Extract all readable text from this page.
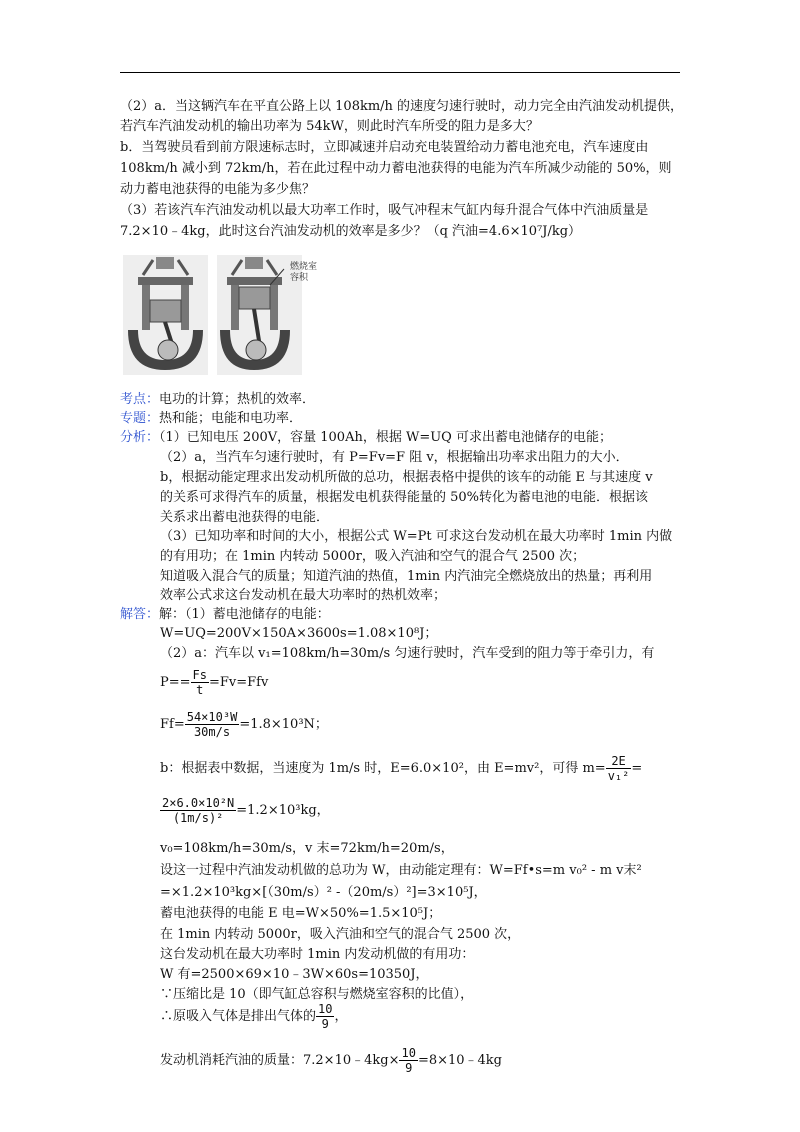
（2）a．当这辆汽车在平直公路上以 108km/h 的速度匀速行驶时，动力完全由汽油发动机提供，
若汽车汽油发动机的输出功率为 54kW，则此时汽车所受的阻力是多大？
b．当驾驶员看到前方限速标志时，立即减速并启动充电装置给动力蓄电池充电，汽车速度由
108km/h 减小到 72km/h，若在此过程中动力蓄电池获得的电能为汽车所减少动能的 50%，则
动力蓄电池获得的电能为多少焦？
（3）若该汽车汽油发动机以最大功率工作时，吸气冲程末气缸内每升混合气体中汽油质量是
7.2×10﹣4kg，此时这台汽油发动机的效率是多少？（q 汽油=4.6×10⁷J/kg）
燃烧室容积
考点：电功的计算；热机的效率．
专题：热和能；电能和电功率．
分析：（1）已知电压 200V，容量 100Ah，根据 W=UQ 可求出蓄电池储存的电能；
（2）a，当汽车匀速行驶时，有 P=Fv=F 阻 v，根据输出功率求出阻力的大小．
b，根据动能定理求出发动机所做的总功，根据表格中提供的该车的动能 E 与其速度 v
的关系可求得汽车的质量，根据发电机获得能量的 50%转化为蓄电池的电能．根据该
关系求出蓄电池获得的电能．
（3）已知功率和时间的大小，根据公式 W=Pt 可求这台发动机在最大功率时 1min 内做
的有用功；在 1min 内转动 5000r，吸入汽油和空气的混合气 2500 次；
知道吸入混合气的质量；知道汽油的热值，1min 内汽油完全燃烧放出的热量；再利用
效率公式求这台发动机在最大功率时的热机效率；
解答：解：（1）蓄电池储存的电能：
W=UQ=200V×150A×3600s=1.08×10⁸J；
（2）a：汽车以 v₁=108km/h=30m/s 匀速行驶时，汽车受到的阻力等于牵引力，有
$P== \frac{Fs}{t} =Fv=Ffv$
$Ff= \frac{\text{54×10³W}}{30m/s} =1.8\times 10^3N$；
b：根据表中数据，当速度为 1m/s 时，E=6.0×10²，由 E=mv²，可得 $m= \frac{2E}{\text{v₁²}}$ =
$\frac{\text{2×6.0×10²N}}{\text{(1m/s)²}} =1.2\times 10^3kg$，
v₀=108km/h=30m/s，v 末=72km/h=20m/s，
设这一过程中汽油发动机做的总功为 W，由动能定理有：W=Ff•s=m v₀² - m v末²
=×1.2×10³kg×[（30m/s）² -（20m/s）²]=3×10⁵J，
蓄电池获得的电能 E 电=W×50%=1.5×10⁵J；
在 1min 内转动 5000r，吸入汽油和空气的混合气 2500 次，
这台发动机在最大功率时 1min 内发动机做的有用功：
W 有=2500×69×10﹣3W×60s=10350J，
∵压缩比是 10（即气缸总容积与燃烧室容积的比值），
∴原吸入气体是排出气体的 $\frac{10}{9}$ ，
发动机消耗汽油的质量：7.2×10﹣4kg× $\frac{10}{9}$ =8×10﹣4kg
